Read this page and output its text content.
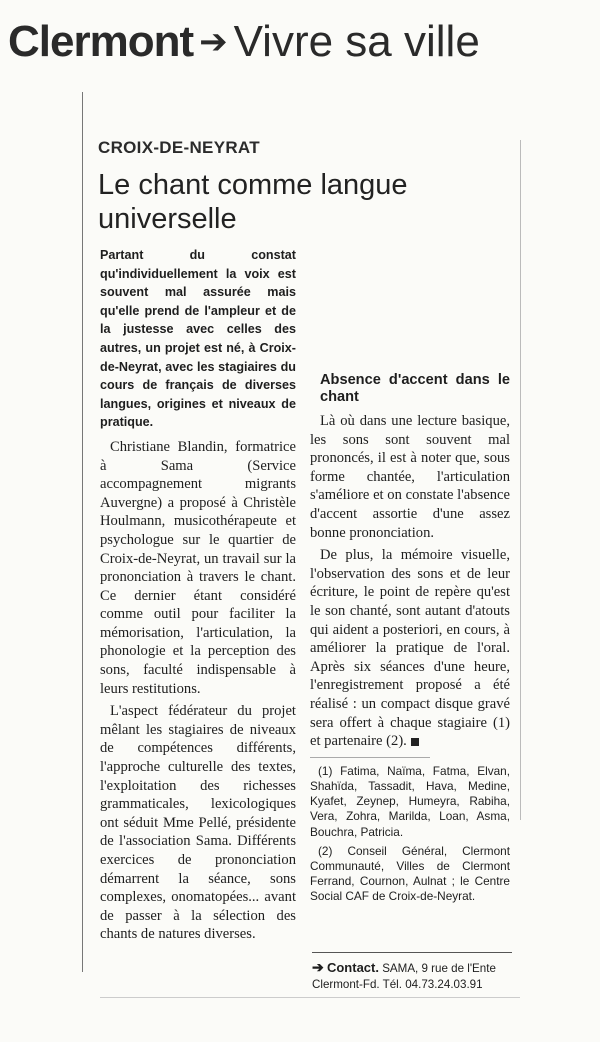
Clermont ➔ Vivre sa ville
CROIX-DE-NEYRAT
Le chant comme langue universelle

Partant du constat qu'individuellement la voix est souvent mal assurée mais qu'elle prend de l'ampleur et de la justesse avec celles des autres, un projet est né, à Croix-de-Neyrat, avec les stagiaires du cours de français de diverses langues, origines et niveaux de pratique.

Christiane Blandin, formatrice à Sama (Service accompagnement migrants Auvergne) a proposé à Christèle Houlmann, musicothérapeute et psychologue sur le quartier de Croix-de-Neyrat, un travail sur la prononciation à travers le chant. Ce dernier étant considéré comme outil pour faciliter la mémorisation, l'articulation, la phonologie et la perception des sons, faculté indispensable à leurs restitutions.

L'aspect fédérateur du projet mêlant les stagiaires de niveaux de compétences différents, l'approche culturelle des textes, l'exploitation des richesses grammaticales, lexicologiques ont séduit Mme Pellé, présidente de l'association Sama. Différents exercices de prononciation démarrent la séance, sons complexes, onomatopées... avant de passer à la sélection des chants de natures diverses.

Absence d'accent dans le chant

Là où dans une lecture basique, les sons sont souvent mal prononcés, il est à noter que, sous forme chantée, l'articulation s'améliore et on constate l'absence d'accent assortie d'une assez bonne prononciation.

De plus, la mémoire visuelle, l'observation des sons et de leur écriture, le point de repère qu'est le son chanté, sont autant d'atouts qui aident a posteriori, en cours, à améliorer la pratique de l'oral. Après six séances d'une heure, l'enregistrement proposé a été réalisé : un compact disque gravé sera offert à chaque stagiaire (1) et partenaire (2).

(1) Fatima, Naïma, Fatma, Elvan, Shahïda, Tassadit, Hava, Medine, Kyafet, Zeynep, Humeyra, Rabiha, Vera, Zohra, Marilda, Loan, Asma, Bouchra, Patricia.

(2) Conseil Général, Clermont Communauté, Villes de Clermont Ferrand, Cournon, Aulnat ; le Centre Social CAF de Croix-de-Neyrat.

➔ Contact. SAMA, 9 rue de l'Ente
Clermont-Fd. Tél. 04.73.24.03.91
